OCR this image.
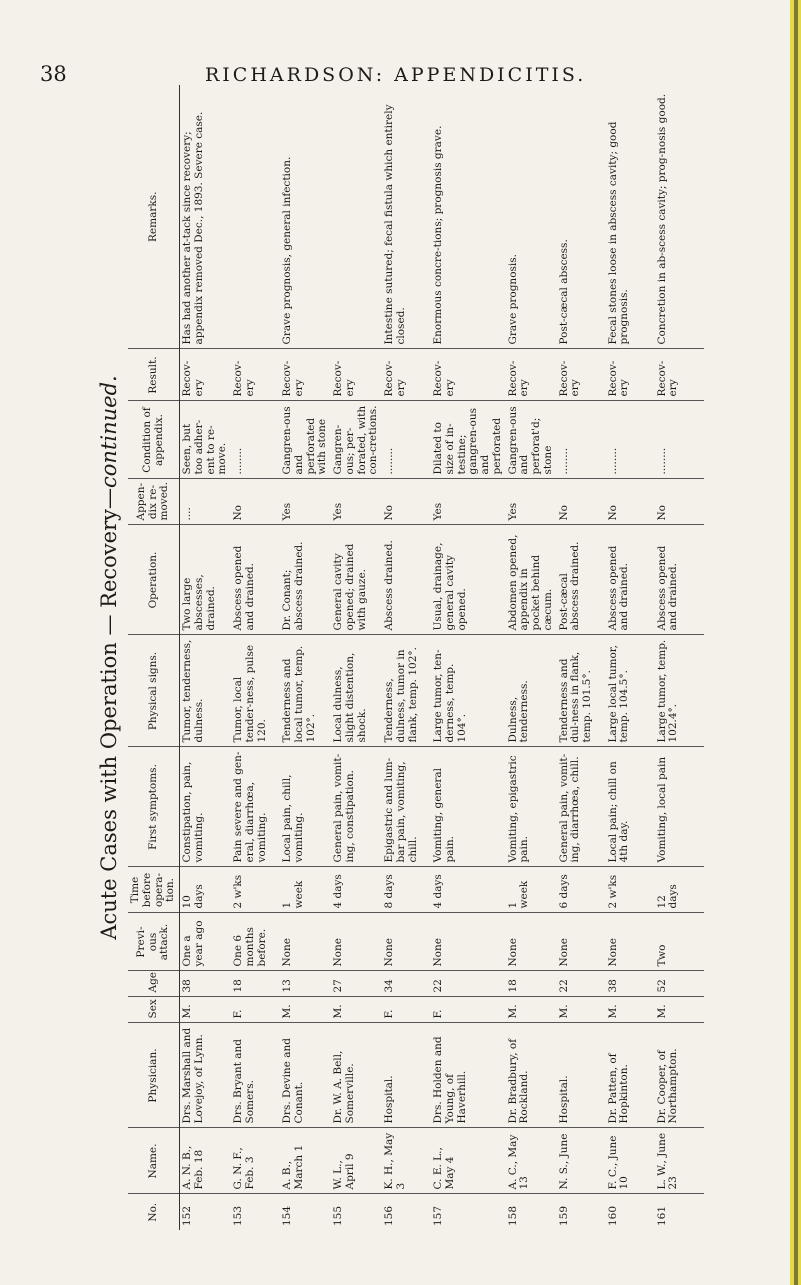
38	RICHARDSON: APPENDICITIS.
Acute Cases with Operation — Recovery—continued.
No.	Name.	Physician.	Sex	Age	Previ-ous attack.	Time before opera-tion.	First symptoms.	Physical signs.	Operation.	Appen-dix re-moved.	Condition of appendix.	Result.	Remarks.
152	A. N. B., Feb. 18	Drs. Marshall and Lovejoy, of Lynn.	M.	38	One a year ago	10 days	Constipation, pain, vomiting.	Tumor, tenderness, dulness.	Two large abscesses, drained.	....	Seen, but too adher-ent to re-move.	Recov-ery	Has had another at-tack since recovery; appendix removed Dec., 1893. Severe case.
153	G. N. F., Feb. 3	Drs. Bryant and Somers.	F.	18	One 6 months before.	2 w'ks	Pain severe and gen-eral, diarrhœa, vomiting.	Tumor, local tender-ness, pulse 120.	Abscess opened and drained.	No	........	Recov-ery	
154	A. B., March 1	Drs. Devine and Conant.	M.	13	None	1 week	Local pain, chill, vomiting.	Tenderness and local tumor, temp. 102°.	Dr. Conant; abscess drained.	Yes	Gangren-ous and perforated with stone	Recov-ery	Grave prognosis, general infection.
155	W. L., April 9	Dr. W. A. Bell, Somerville.	M.	27	None	4 days	General pain, vomit-ing, constipation.	Local dulness, slight distention, shock.	General cavity opened; drained with gauze.	Yes	Gangren-ous; per-forated, with con-cretions.	Recov-ery	
156	K. H., May 3	Hospital.	F.	34	None	8 days	Epigastric and lum-bar pain, vomiting, chill.	Tenderness, dulness, tumor in flank, temp. 102°.	Abscess drained.	No	........	Recov-ery	Intestine sutured; fecal fistula which entirely closed.
157	C. E. L., May 4	Drs. Holden and Young, of Haverhill.	F.	22	None	4 days	Vomiting, general pain.	Large tumor, ten-derness, temp. 104°.	Usual, drainage, general cavity opened.	Yes	Dilated to size of in-testine; gangren-ous and perforated	Recov-ery	Enormous concre-tions; prognosis grave.
158	A. C., May 13	Dr. Bradbury, of Rockland.	M.	18	None	1 week	Vomiting, epigastric pain.	Dulness, tenderness.	Abdomen opened, appendix in pocket behind cæcum.	Yes	Gangren-ous and perforat'd; stone	Recov-ery	Grave prognosis.
159	N. S., June	Hospital.	M.	22	None	6 days	General pain, vomit-ing, diarrhœa, chill.	Tenderness and dul-ness in flank, temp. 101.5°.	Post-cæcal abscess drained.	No	........	Recov-ery	Post-cæcal abscess.
160	F. C., June 10	Dr. Patten, of Hopkinton.	M.	38	None	2 w'ks	Local pain; chill on 4th day.	Large local tumor, temp. 104.5°.	Abscess opened and drained.	No	........	Recov-ery	Fecal stones loose in abscess cavity; good prognosis.
161	L. W., June 23	Dr. Cooper, of Northampton.	M.	52	Two	12 days	Vomiting, local pain	Large tumor, temp. 102.4°.	Abscess opened and drained.	No	........	Recov-ery	Concretion in ab-scess cavity; prog-nosis good.
